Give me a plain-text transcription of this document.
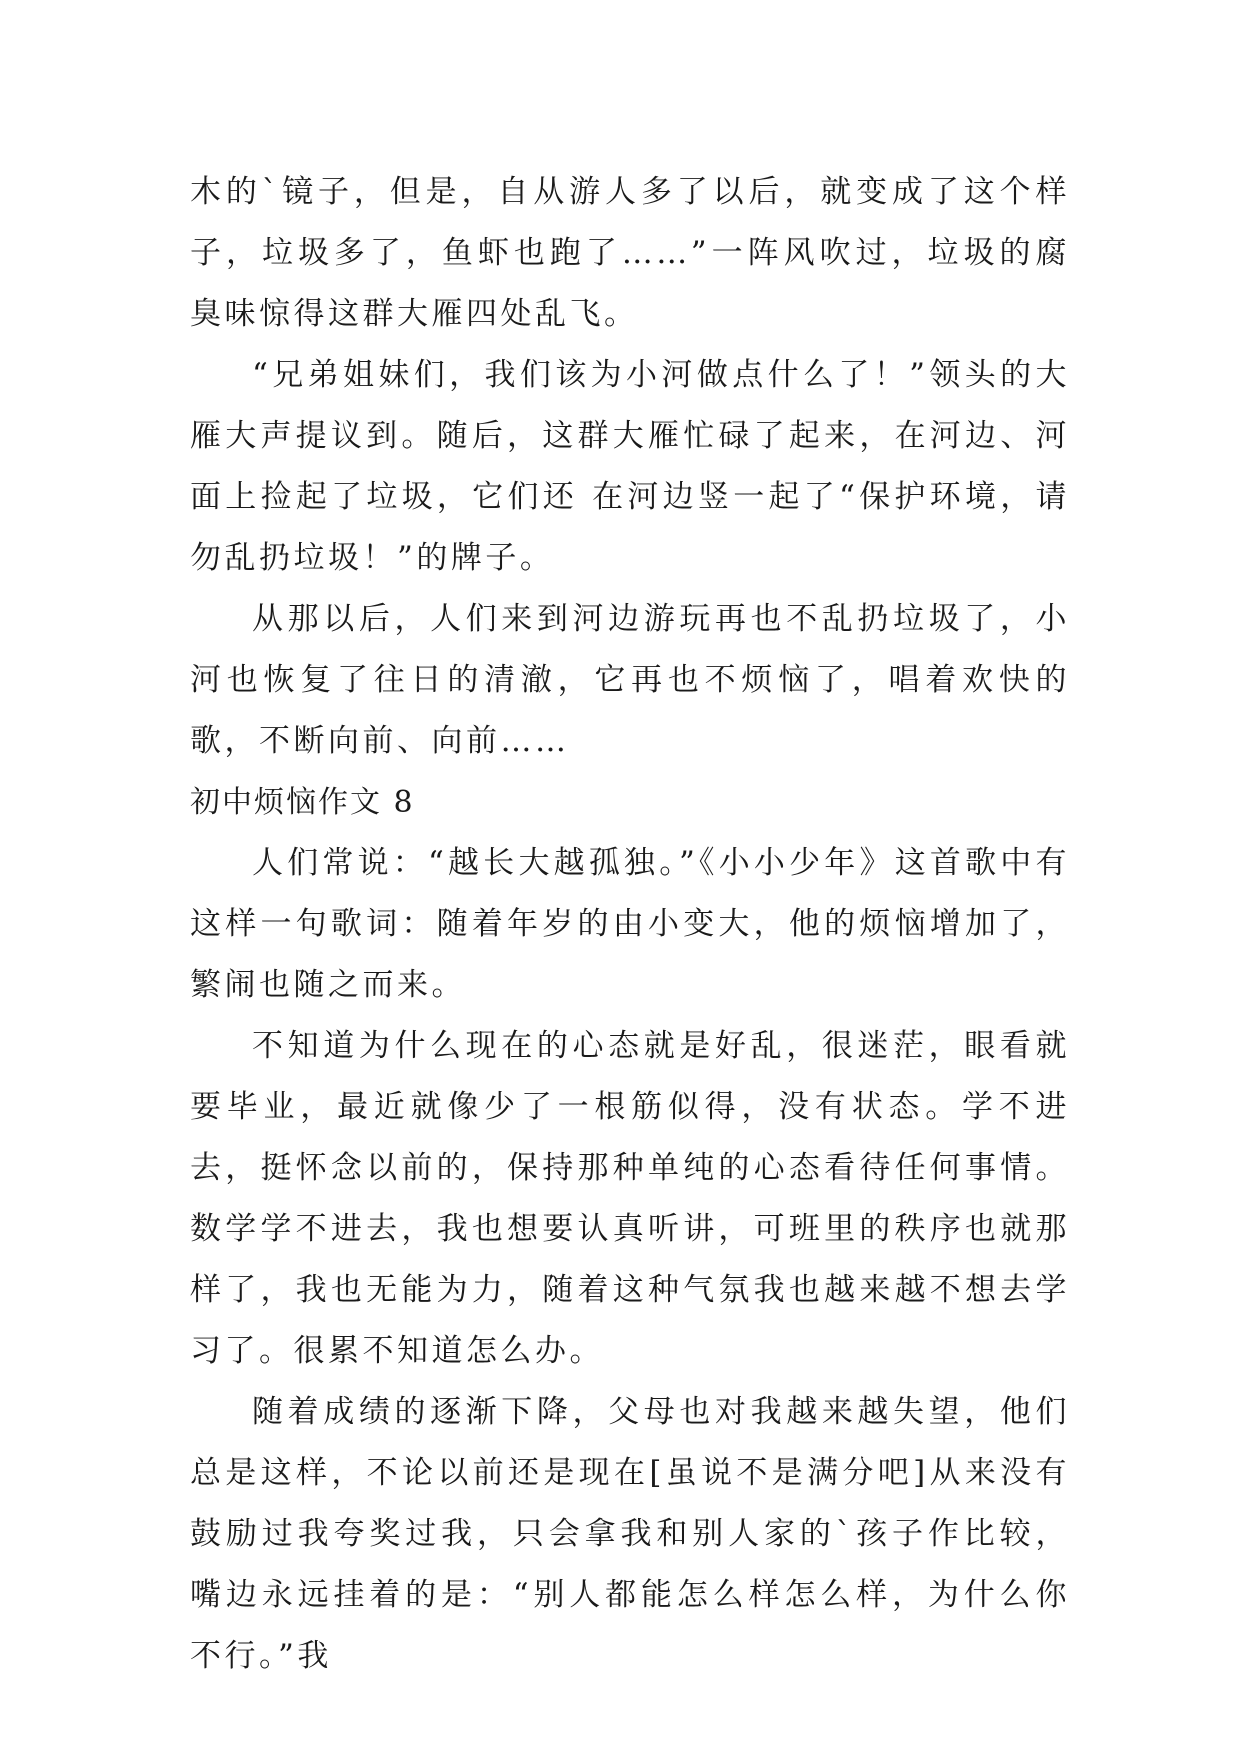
木的`镜子，但是，自从游人多了以后，就变成了这个样子，垃圾多了，鱼虾也跑了……”一阵风吹过，垃圾的腐臭味惊得这群大雁四处乱飞。

“兄弟姐妹们，我们该为小河做点什么了！”领头的大雁大声提议到。随后，这群大雁忙碌了起来，在河边、河面上捡起了垃圾，它们还 在河边竖一起了“保护环境，请勿乱扔垃圾！”的牌子。

从那以后，人们来到河边游玩再也不乱扔垃圾了，小河也恢复了往日的清澈，它再也不烦恼了，唱着欢快的歌，不断向前、向前……

初中烦恼作文 8

人们常说：“越长大越孤独。”《小小少年》这首歌中有这样一句歌词：随着年岁的由小变大，他的烦恼增加了，繁闹也随之而来。

不知道为什么现在的心态就是好乱，很迷茫，眼看就要毕业，最近就像少了一根筋似得，没有状态。学不进去，挺怀念以前的，保持那种单纯的心态看待任何事情。数学学不进去，我也想要认真听讲，可班里的秩序也就那样了，我也无能为力，随着这种气氛我也越来越不想去学习了。很累不知道怎么办。

随着成绩的逐渐下降，父母也对我越来越失望，他们总是这样，不论以前还是现在[虽说不是满分吧]从来没有鼓励过我夸奖过我，只会拿我和别人家的`孩子作比较，嘴边永远挂着的是：“别人都能怎么样怎么样，为什么你不行。”我
